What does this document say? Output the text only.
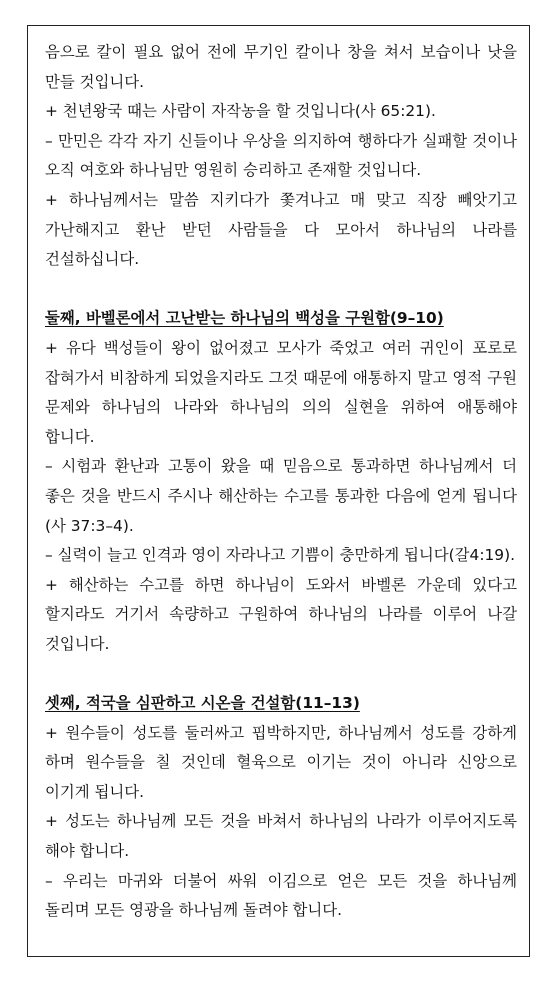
음으로 칼이 필요 없어 전에 무기인 칼이나 창을 쳐서 보습이나 낫을 만들 것입니다.

+ 천년왕국 때는 사람이 자작농을 할 것입니다(사 65:21).

– 만민은 각각 자기 신들이나 우상을 의지하여 행하다가 실패할 것이나 오직 여호와 하나님만 영원히 승리하고 존재할 것입니다.

+ 하나님께서는 말씀 지키다가 쫓겨나고 매 맞고 직장 빼앗기고 가난해지고 환난 받던 사람들을 다 모아서 하나님의 나라를 건설하십니다.

둘째, 바벨론에서 고난받는 하나님의 백성을 구원함(9–10)

+ 유다 백성들이 왕이 없어졌고 모사가 죽었고 여러 귀인이 포로로 잡혀가서 비참하게 되었을지라도 그것 때문에 애통하지 말고 영적 구원 문제와 하나님의 나라와 하나님의 의의 실현을 위하여 애통해야 합니다.

– 시험과 환난과 고통이 왔을 때 믿음으로 통과하면 하나님께서 더 좋은 것을 반드시 주시나 해산하는 수고를 통과한 다음에 얻게 됩니다(사 37:3–4).

– 실력이 늘고 인격과 영이 자라나고 기쁨이 충만하게 됩니다(갈4:19).

+ 해산하는 수고를 하면 하나님이 도와서 바벨론 가운데 있다고 할지라도 거기서 속량하고 구원하여 하나님의 나라를 이루어 나갈 것입니다.

셋째, 적국을 심판하고 시온을 건설함(11–13)

+ 원수들이 성도를 둘러싸고 핍박하지만, 하나님께서 성도를 강하게 하며 원수들을 칠 것인데 혈육으로 이기는 것이 아니라 신앙으로 이기게 됩니다.

+ 성도는 하나님께 모든 것을 바쳐서 하나님의 나라가 이루어지도록 해야 합니다.

– 우리는 마귀와 더불어 싸워 이김으로 얻은 모든 것을 하나님께 돌리며 모든 영광을 하나님께 돌려야 합니다.
